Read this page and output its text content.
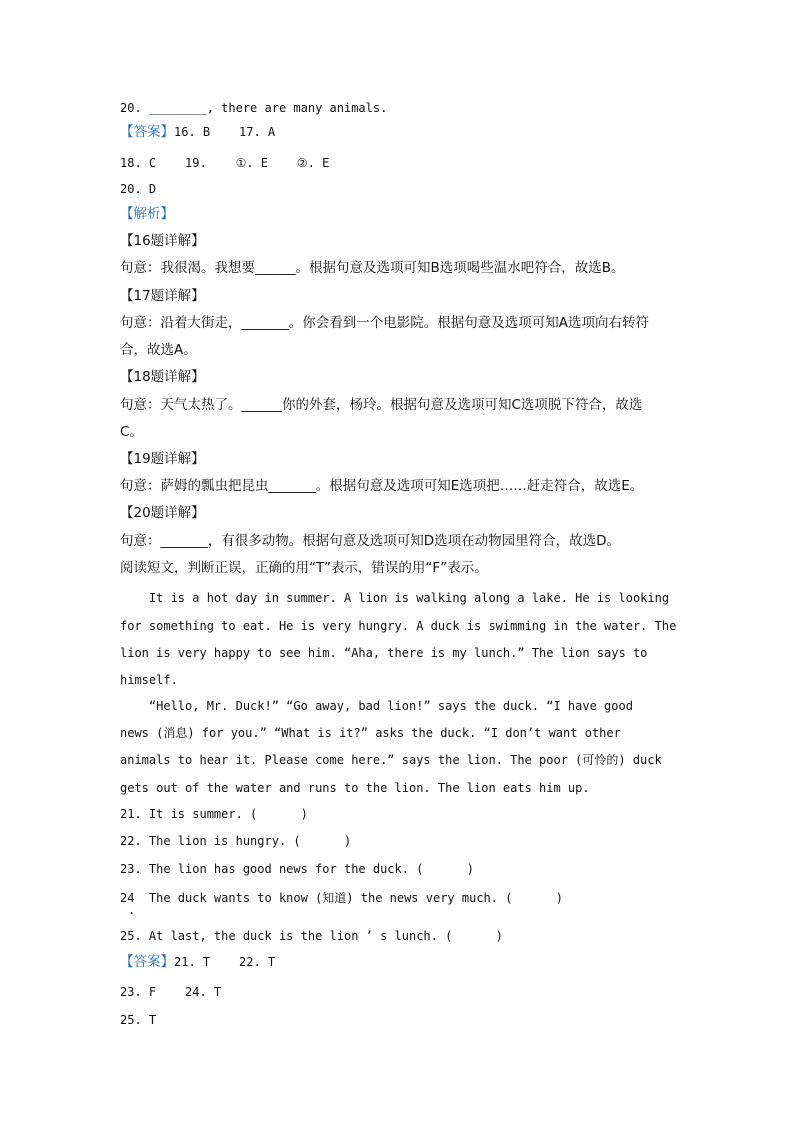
20. ________, there are many animals.
【答案】16. B    17. A
18. C    19.    ①. E    ②. E
20. D
【解析】
【16题详解】
句意：我很渴。我想要______。根据句意及选项可知B选项喝些温水吧符合，故选B。
【17题详解】
句意：沿着大街走，_______。你会看到一个电影院。根据句意及选项可知A选项向右转符
合，故选A。
【18题详解】
句意：天气太热了。______你的外套，杨玲。根据句意及选项可知C选项脱下符合，故选
C。
【19题详解】
句意：萨姆的瓢虫把昆虫_______。根据句意及选项可知E选项把……赶走符合，故选E。
【20题详解】
句意：_______，有很多动物。根据句意及选项可知D选项在动物园里符合，故选D。
阅读短文，判断正误，正确的用“T”表示，错误的用“F”表示。
It is a hot day in summer. A lion is walking along a lake. He is looking
for something to eat. He is very hungry. A duck is swimming in the water. The
lion is very happy to see him. “Aha, there is my lunch.” The lion says to
himself.
“Hello, Mr. Duck!” “Go away, bad lion!” says the duck. “I have good
news (消息) for you.” “What is it?” asks the duck. “I don’t want other
animals to hear it. Please come here.” says the lion. The poor (可怜的) duck
gets out of the water and runs to the lion. The lion eats him up.
21. It is summer. (      )
22. The lion is hungry. (      )
23. The lion has good news for the duck. (      )
24  The duck wants to know (知道) the news very much. (      )
.
25. At last, the duck is the lion ’ s lunch. (      )
【答案】21. T    22. T
23. F    24. T
25. T
